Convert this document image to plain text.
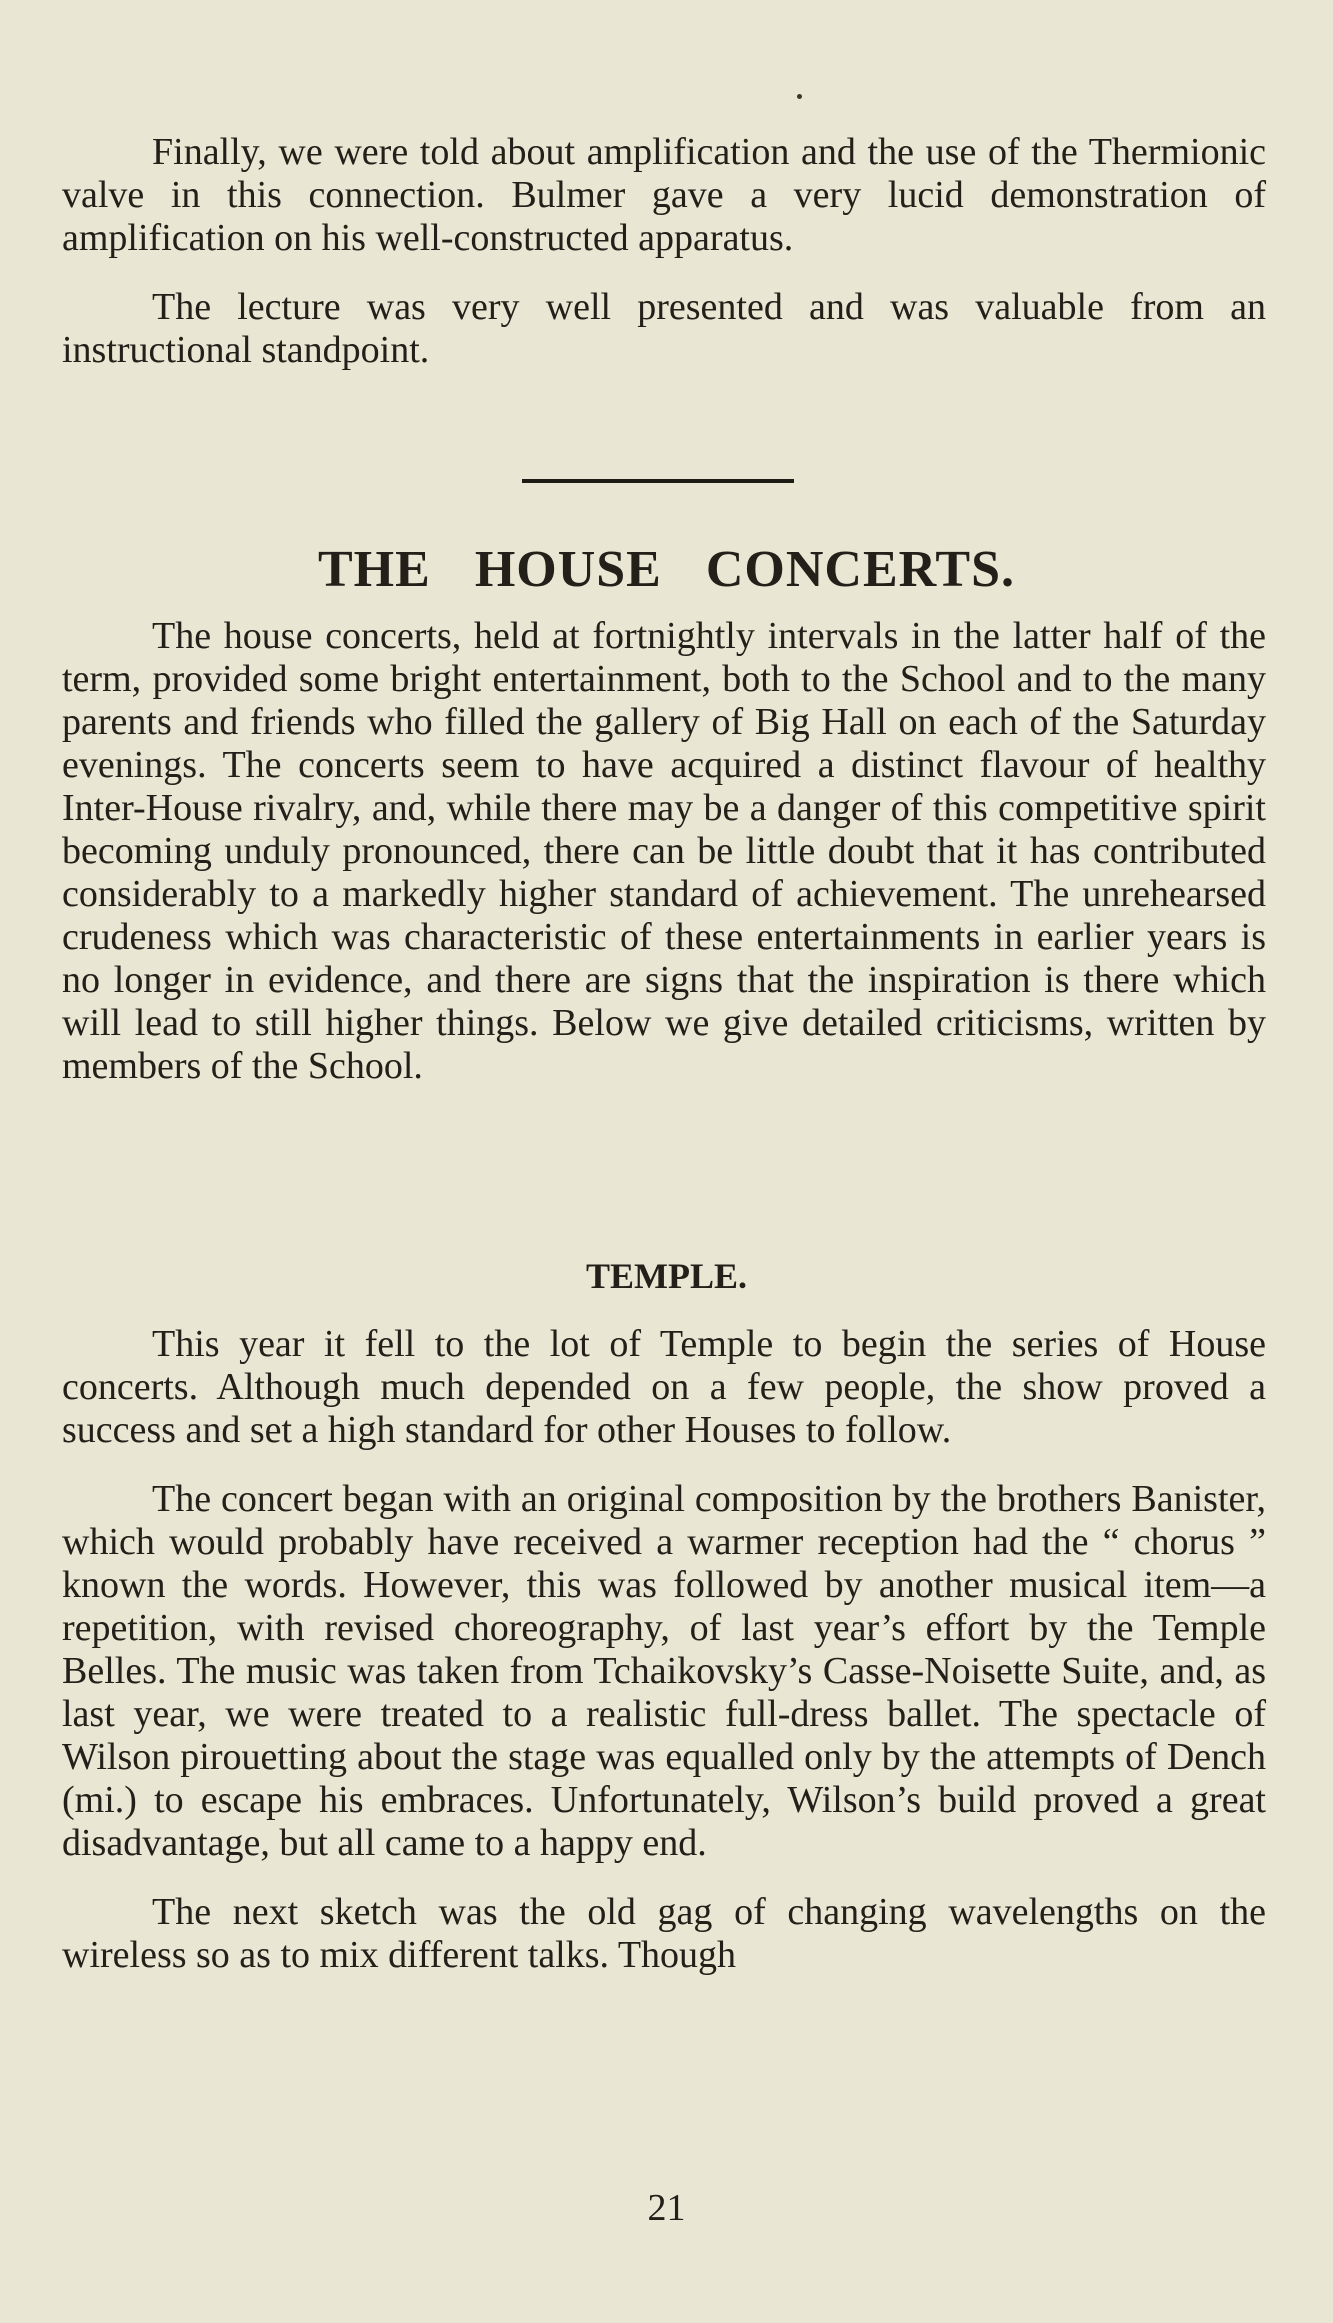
Finally, we were told about amplification and the use of the Thermionic valve in this connection. Bulmer gave a very lucid demonstration of amplification on his well-constructed apparatus.

The lecture was very well presented and was valuable from an instructional standpoint.

THE HOUSE CONCERTS.

The house concerts, held at fortnightly intervals in the latter half of the term, provided some bright entertainment, both to the School and to the many parents and friends who filled the gallery of Big Hall on each of the Saturday evenings. The concerts seem to have acquired a distinct flavour of healthy Inter-House rivalry, and, while there may be a danger of this competitive spirit becoming unduly pronounced, there can be little doubt that it has contributed considerably to a markedly higher standard of achievement. The unrehearsed crudeness which was characteristic of these entertainments in earlier years is no longer in evidence, and there are signs that the inspiration is there which will lead to still higher things. Below we give detailed criticisms, written by members of the School.

TEMPLE.

This year it fell to the lot of Temple to begin the series of House concerts. Although much depended on a few people, the show proved a success and set a high standard for other Houses to follow.

The concert began with an original composition by the brothers Banister, which would probably have received a warmer reception had the “ chorus ” known the words. However, this was followed by another musical item—a repetition, with revised choreography, of last year’s effort by the Temple Belles. The music was taken from Tchaikovsky’s Casse-Noisette Suite, and, as last year, we were treated to a realistic full-dress ballet. The spectacle of Wilson pirouetting about the stage was equalled only by the attempts of Dench (mi.) to escape his embraces. Unfortunately, Wilson’s build proved a great disadvantage, but all came to a happy end.

The next sketch was the old gag of changing wavelengths on the wireless so as to mix different talks. Though

21
